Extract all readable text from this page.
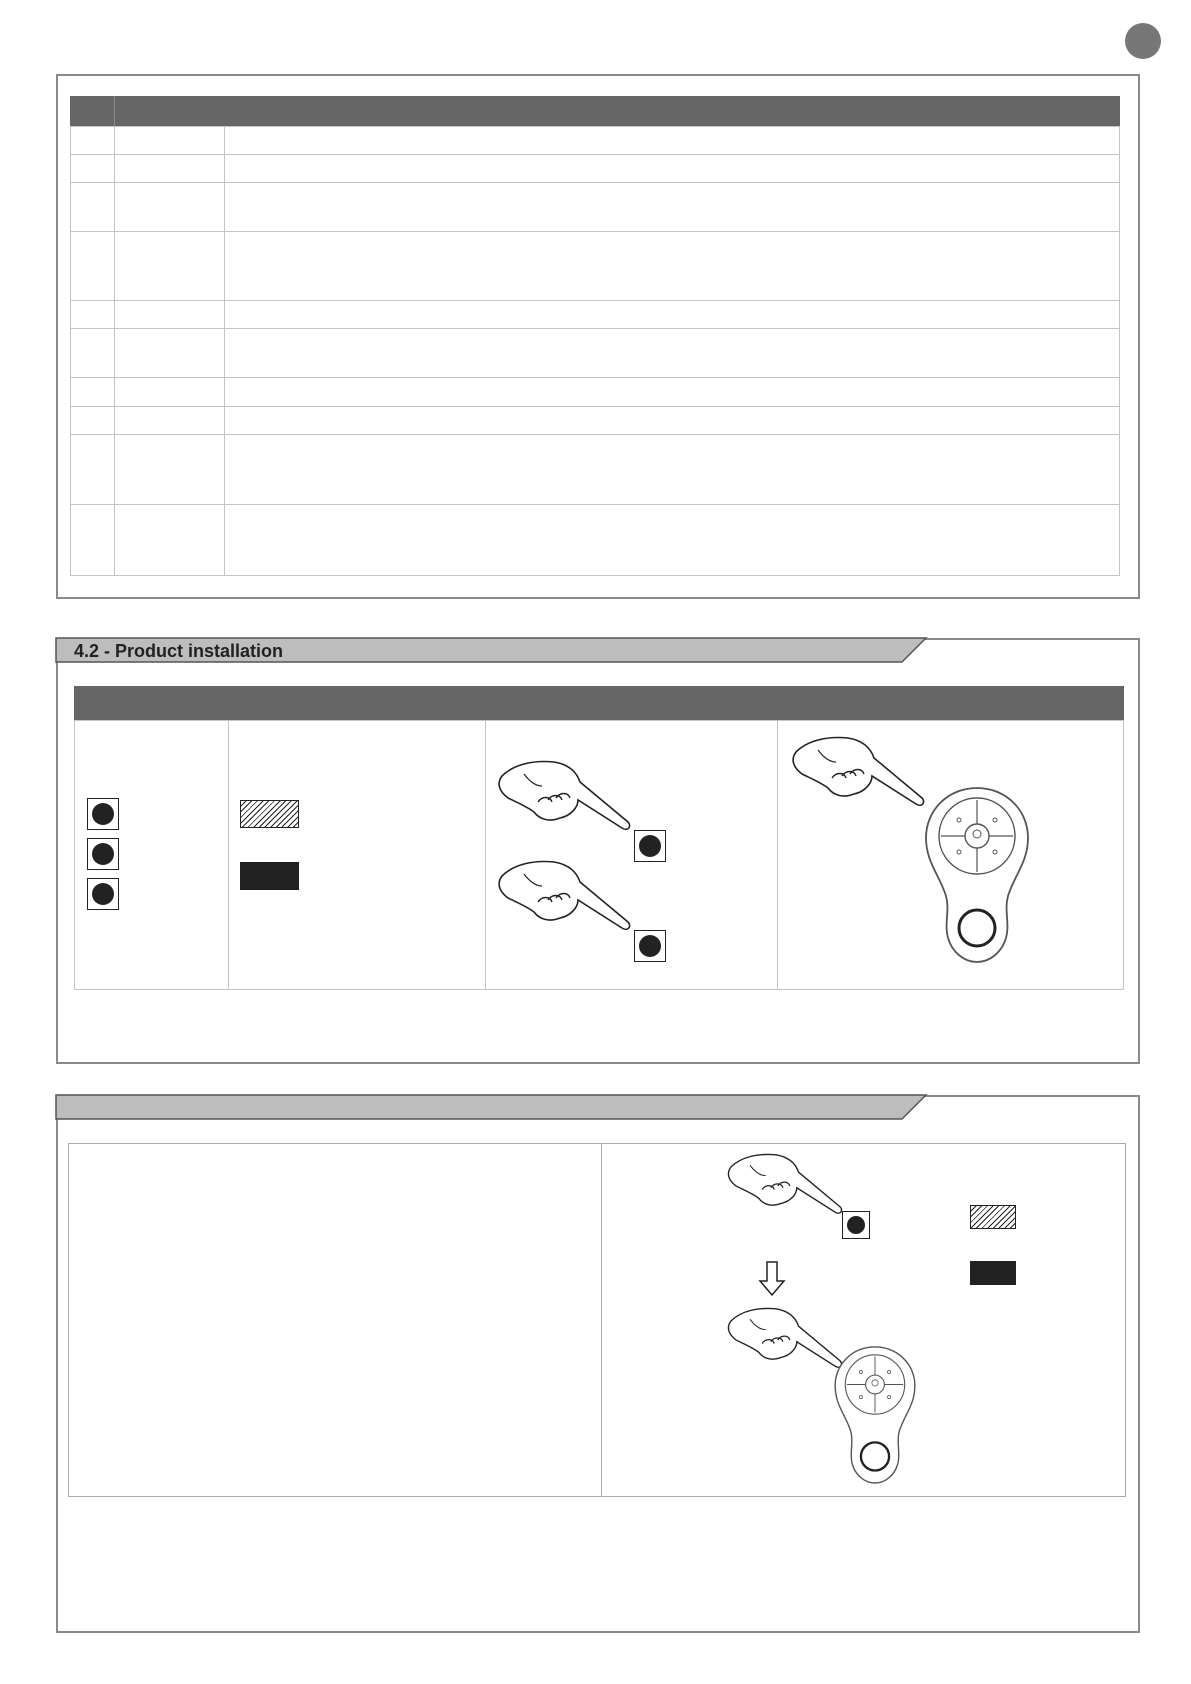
4.2 - Product installation
